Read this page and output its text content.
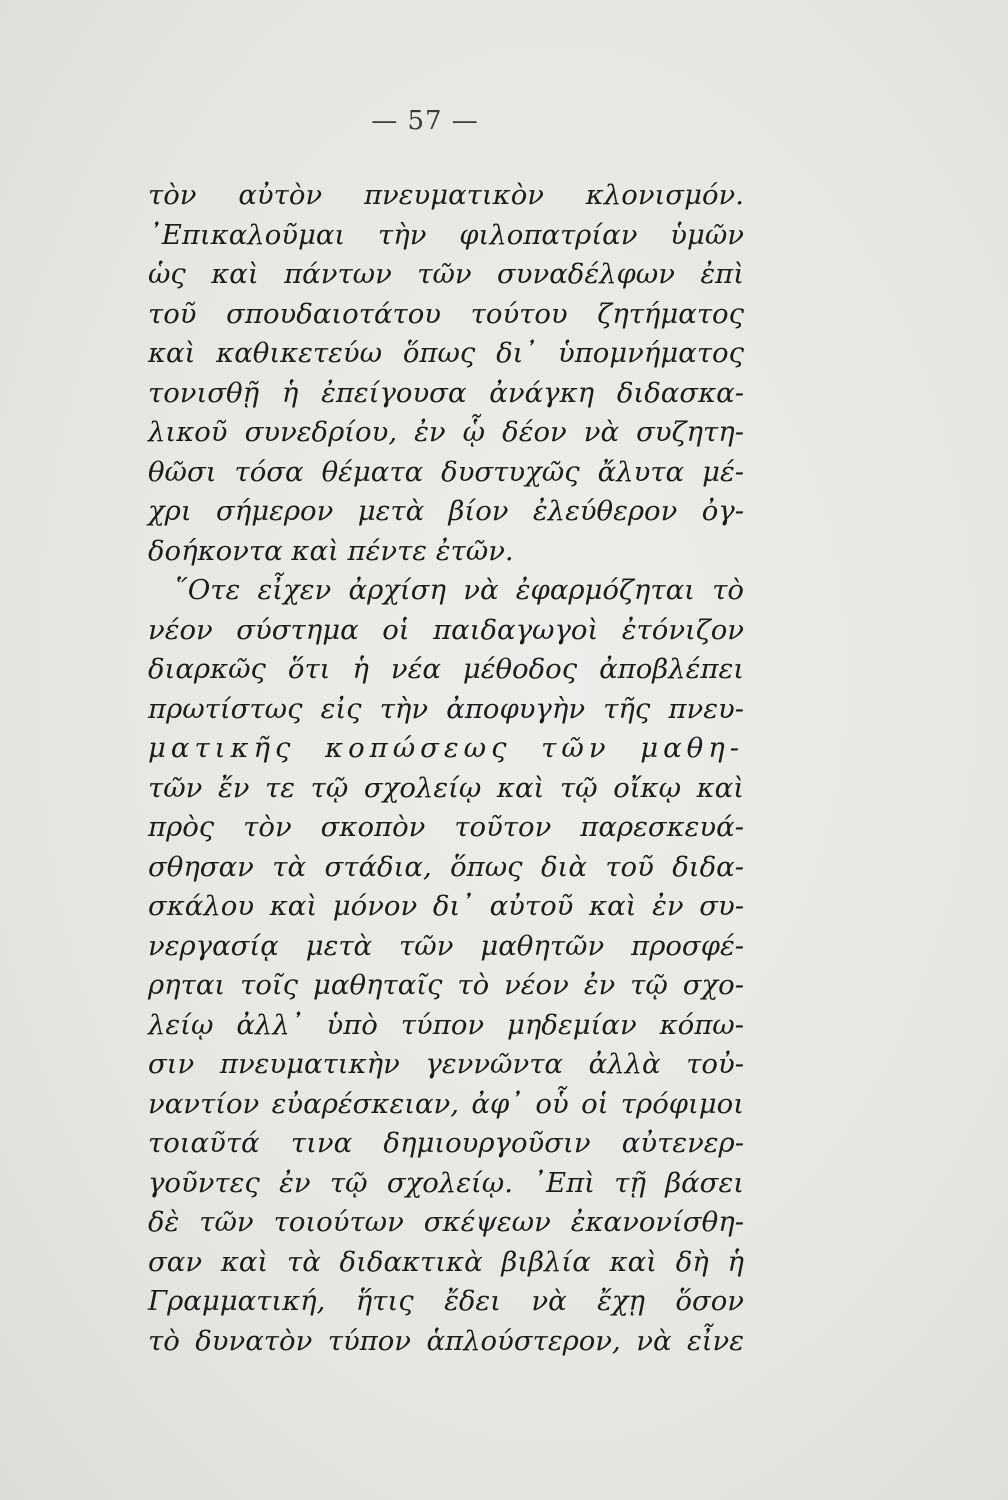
— 57 —
τὸν αὐτὸν πνευματικὸν κλονισμόν.
᾿Επικαλοῦμαι τὴν φιλοπατρίαν ὑμῶν
ὡς καὶ πάντων τῶν συναδέλφων ἐπὶ
τοῦ σπουδαιοτάτου τούτου ζητήματος
καὶ καθικετεύω ὅπως δι᾿ ὑπομνήματος
τονισθῇ ἡ ἐπείγουσα ἀνάγκη διδασκα-
λικοῦ συνεδρίου, ἐν ᾧ δέον νὰ συζητη-
θῶσι τόσα θέματα δυστυχῶς ἄλυτα μέ-
χρι σήμερον μετὰ βίον ἐλεύθερον ὀγ-
δοήκοντα καὶ πέντε ἐτῶν.
῞Οτε εἶχεν ἀρχίση νὰ ἐφαρμόζηται τὸ
νέον σύστημα οἱ παιδαγωγοὶ ἐτόνιζον
διαρκῶς ὅτι ἡ νέα μέθοδος ἀποβλέπει
πρωτίστως εἰς τὴν ἀποφυγὴν τῆς πνευ-
ματικῆς κοπώσεως τῶν μαθη-
τῶν ἔν τε τῷ σχολείῳ καὶ τῷ οἴκῳ καὶ
πρὸς τὸν σκοπὸν τοῦτον παρεσκευά-
σθησαν τὰ στάδια, ὅπως διὰ τοῦ διδα-
σκάλου καὶ μόνον δι᾿ αὐτοῦ καὶ ἐν συ-
νεργασίᾳ μετὰ τῶν μαθητῶν προσφέ-
ρηται τοῖς μαθηταῖς τὸ νέον ἐν τῷ σχο-
λείῳ ἀλλ᾿ ὑπὸ τύπον μηδεμίαν κόπω-
σιν πνευματικὴν γεννῶντα ἀλλὰ τοὐ-
ναντίον εὐαρέσκειαν, ἀφ᾿ οὗ οἱ τρόφιμοι
τοιαῦτά τινα δημιουργοῦσιν αὐτενερ-
γοῦντες ἐν τῷ σχολείῳ. ᾿Επὶ τῇ βάσει
δὲ τῶν τοιούτων σκέψεων ἐκανονίσθη-
σαν καὶ τὰ διδακτικὰ βιβλία καὶ δὴ ἡ
Γραμματική, ἥτις ἔδει νὰ ἔχῃ ὅσον
τὸ δυνατὸν τύπον ἁπλούστερον, νὰ εἶνε
